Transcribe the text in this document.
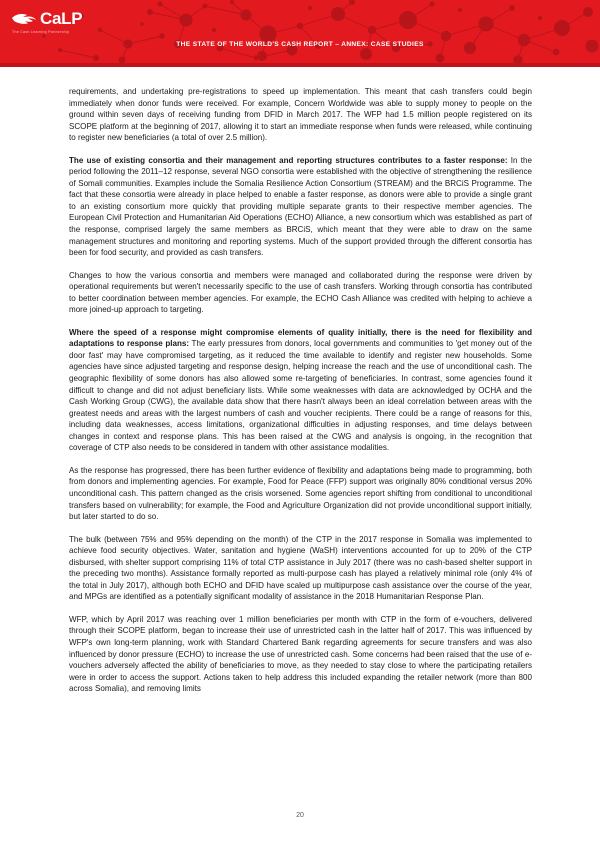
CaLP
The Cash Learning Partnership
THE STATE OF THE WORLD'S CASH REPORT – ANNEX: CASE STUDIES

requirements, and undertaking pre-registrations to speed up implementation. This meant that cash transfers could begin immediately when donor funds were received. For example, Concern Worldwide was able to supply money to people on the ground within seven days of receiving funding from DFID in March 2017. The WFP had 1.5 million people registered on its SCOPE platform at the beginning of 2017, allowing it to start an immediate response when funds were released, while continuing to register new beneficiaries (a total of over 2.5 million).

The use of existing consortia and their management and reporting structures contributes to a faster response: In the period following the 2011–12 response, several NGO consortia were established with the objective of strengthening the resilience of Somali communities. Examples include the Somalia Resilience Action Consortium (STREAM) and the BRCiS Programme. The fact that these consortia were already in place helped to enable a faster response, as donors were able to provide a single grant to an existing consortium more quickly that providing multiple separate grants to their respective member agencies. The European Civil Protection and Humanitarian Aid Operations (ECHO) Alliance, a new consortium which was established as part of the response, comprised largely the same members as BRCiS, which meant that they were able to draw on the same management structures and monitoring and reporting systems. Much of the support provided through the different consortia has been for food security, and provided as cash transfers.

Changes to how the various consortia and members were managed and collaborated during the response were driven by operational requirements but weren't necessarily specific to the use of cash transfers. Working through consortia has contributed to better coordination between member agencies. For example, the ECHO Cash Alliance was credited with helping to achieve a more joined-up approach to targeting.

Where the speed of a response might compromise elements of quality initially, there is the need for flexibility and adaptations to response plans: The early pressures from donors, local governments and communities to 'get money out of the door fast' may have compromised targeting, as it reduced the time available to identify and register new households. Some agencies have since adjusted targeting and response design, helping increase the reach and the use of unconditional cash. The geographic flexibility of some donors has also allowed some re-targeting of beneficiaries. In contrast, some agencies found it difficult to change and did not adjust beneficiary lists. While some weaknesses with data are acknowledged by OCHA and the Cash Working Group (CWG), the available data show that there hasn't always been an ideal correlation between areas with the greatest needs and areas with the largest numbers of cash and voucher recipients. There could be a range of reasons for this, including data weaknesses, access limitations, organizational difficulties in adjusting responses, and time delays between changes in context and response plans. This has been raised at the CWG and analysis is ongoing, in the recognition that coverage of CTP also needs to be considered in tandem with other assistance modalities.

As the response has progressed, there has been further evidence of flexibility and adaptations being made to programming, both from donors and implementing agencies. For example, Food for Peace (FFP) support was originally 80% conditional versus 20% unconditional cash. This pattern changed as the crisis worsened. Some agencies report shifting from conditional to unconditional transfers based on vulnerability; for example, the Food and Agriculture Organization did not provide unconditional support initially, but later started to do so.

The bulk (between 75% and 95% depending on the month) of the CTP in the 2017 response in Somalia was implemented to achieve food security objectives. Water, sanitation and hygiene (WaSH) interventions accounted for up to 20% of the CTP disbursed, with shelter support comprising 11% of total CTP assistance in July 2017 (there was no cash-based shelter support in the preceding two months). Assistance formally reported as multi-purpose cash has played a relatively minimal role (only 4% of the total in July 2017), although both ECHO and DFID have scaled up multipurpose cash assistance over the course of the year, and MPGs are identified as a potentially significant modality of assistance in the 2018 Humanitarian Response Plan.

WFP, which by April 2017 was reaching over 1 million beneficiaries per month with CTP in the form of e-vouchers, delivered through their SCOPE platform, began to increase their use of unrestricted cash in the latter half of 2017. This was influenced by WFP's own long-term planning, work with Standard Chartered Bank regarding agreements for secure transfers and was also influenced by donor pressure (ECHO) to increase the use of unrestricted cash. Some concerns had been raised that the use of e-vouchers adversely affected the ability of beneficiaries to move, as they needed to stay close to where the participating retailers were in order to access the support. Actions taken to help address this included expanding the retailer network (more than 800 across Somalia), and removing limits

20
